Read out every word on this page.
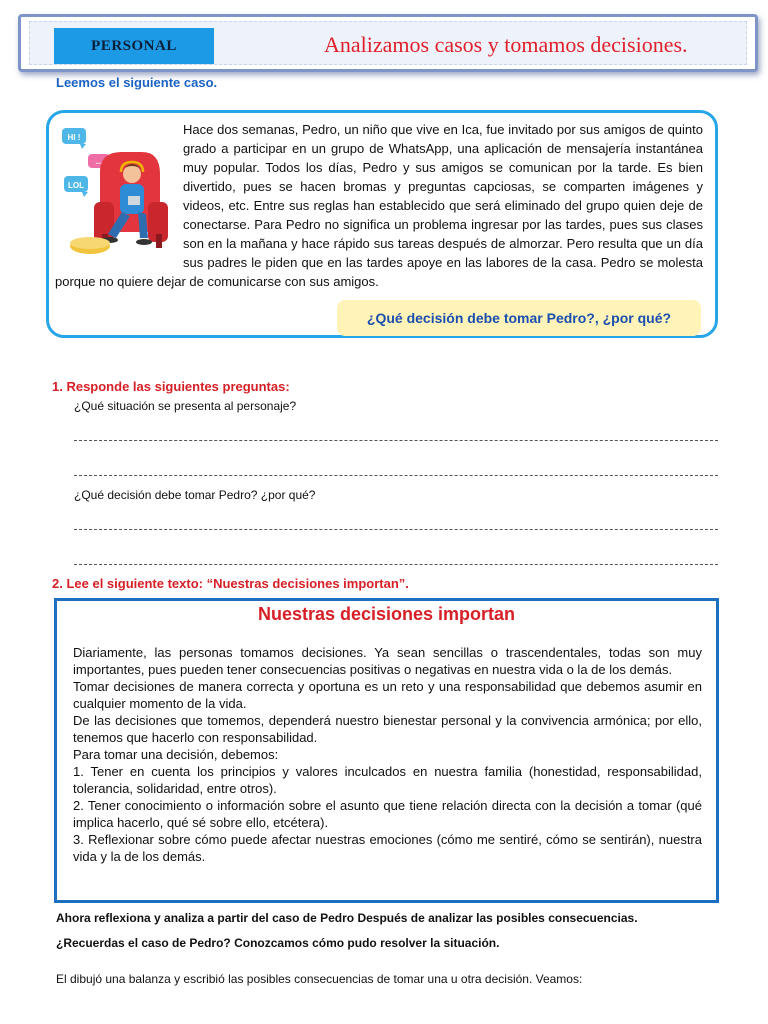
PERSONAL	Analizamos casos y tomamos decisiones.
Leemos el siguiente caso.

Hace dos semanas, Pedro, un niño que vive en Ica, fue invitado por sus amigos de quinto grado a participar en un grupo de WhatsApp, una aplicación de mensajería instantánea muy popular. Todos los días, Pedro y sus amigos se comunican por la tarde. Es bien divertido, pues se hacen bromas y preguntas capciosas, se comparten imágenes y videos, etc. Entre sus reglas han establecido que será eliminado del grupo quien deje de conectarse. Para Pedro no significa un problema ingresar por las tardes, pues sus clases son en la mañana y hace rápido sus tareas después de almorzar. Pero resulta que un día sus padres le piden que en las tardes apoye en las labores de la casa. Pedro se molesta porque no quiere dejar de comunicarse con sus amigos.

HI !
...
LOL
¿Qué decisión debe tomar Pedro?, ¿por qué?
1. Responde las siguientes preguntas:
¿Qué situación se presenta al personaje?
¿Qué decisión debe tomar Pedro? ¿por qué?
2. Lee el siguiente texto: “Nuestras decisiones importan”.
Nuestras decisiones importan

Diariamente, las personas tomamos decisiones. Ya sean sencillas o trascendentales, todas son muy importantes, pues pueden tener consecuencias positivas o negativas en nuestra vida o la de los demás.

Tomar decisiones de manera correcta y oportuna es un reto y una responsabilidad que debemos asumir en cualquier momento de la vida.

De las decisiones que tomemos, dependerá nuestro bienestar personal y la convivencia armónica; por ello, tenemos que hacerlo con responsabilidad.

Para tomar una decisión, debemos:

1. Tener en cuenta los principios y valores inculcados en nuestra familia (honestidad, responsabilidad, tolerancia, solidaridad, entre otros).

2. Tener conocimiento o información sobre el asunto que tiene relación directa con la decisión a tomar (qué implica hacerlo, qué sé sobre ello, etcétera).

3. Reflexionar sobre cómo puede afectar nuestras emociones (cómo me sentiré, cómo se sentirán), nuestra vida y la de los demás.

Ahora reflexiona y analiza a partir del caso de Pedro Después de analizar las posibles consecuencias.
¿Recuerdas el caso de Pedro? Conozcamos cómo pudo resolver la situación.
El dibujó una balanza y escribió las posibles consecuencias de tomar una u otra decisión. Veamos:
